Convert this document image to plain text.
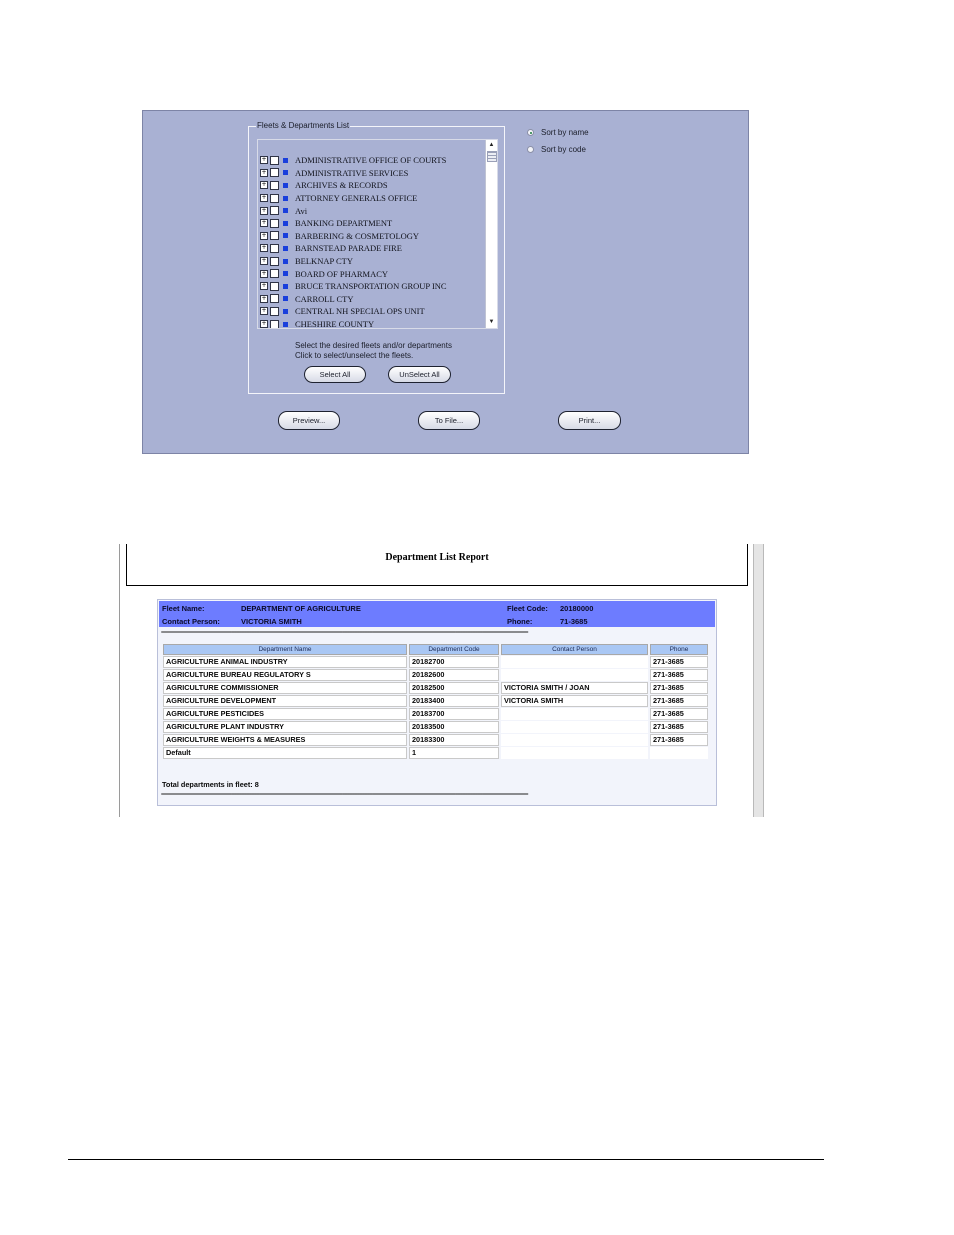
Fleets & Departments List
+	ADMINISTRATIVE OFFICE OF COURTS
+	ADMINISTRATIVE SERVICES
+	ARCHIVES & RECORDS
+	ATTORNEY GENERALS OFFICE
+	Avi
+	BANKING DEPARTMENT
+	BARBERING & COSMETOLOGY
+	BARNSTEAD PARADE FIRE
+	BELKNAP CTY
+	BOARD OF PHARMACY
+	BRUCE TRANSPORTATION GROUP INC
+	CARROLL CTY
+	CENTRAL NH SPECIAL OPS UNIT
+	CHESHIRE COUNTY
▲
▼
Select the desired fleets and/or departments
Click to select/unselect the fleets.
Select All	UnSelect All
Sort by name
Sort by code
Preview...	To File...	Print...
Department List Report
Fleet Name:	DEPARTMENT OF AGRICULTURE
Contact Person:	VICTORIA SMITH
Fleet Code: 20180000
Phone:	71-3685
==================================================================================================================================================
Department Name	Department Code	Contact Person	Phone
AGRICULTURE ANIMAL INDUSTRY	20182700		271-3685
AGRICULTURE BUREAU REGULATORY S	20182600		271-3685
AGRICULTURE COMMISSIONER	20182500	VICTORIA SMITH / JOAN	271-3685
AGRICULTURE DEVELOPMENT	20183400	VICTORIA SMITH	271-3685
AGRICULTURE PESTICIDES	20183700		271-3685
AGRICULTURE PLANT INDUSTRY	20183500		271-3685
AGRICULTURE WEIGHTS & MEASURES	20183300		271-3685
Default	1		
Total departments in fleet: 8
==================================================================================================================================================
